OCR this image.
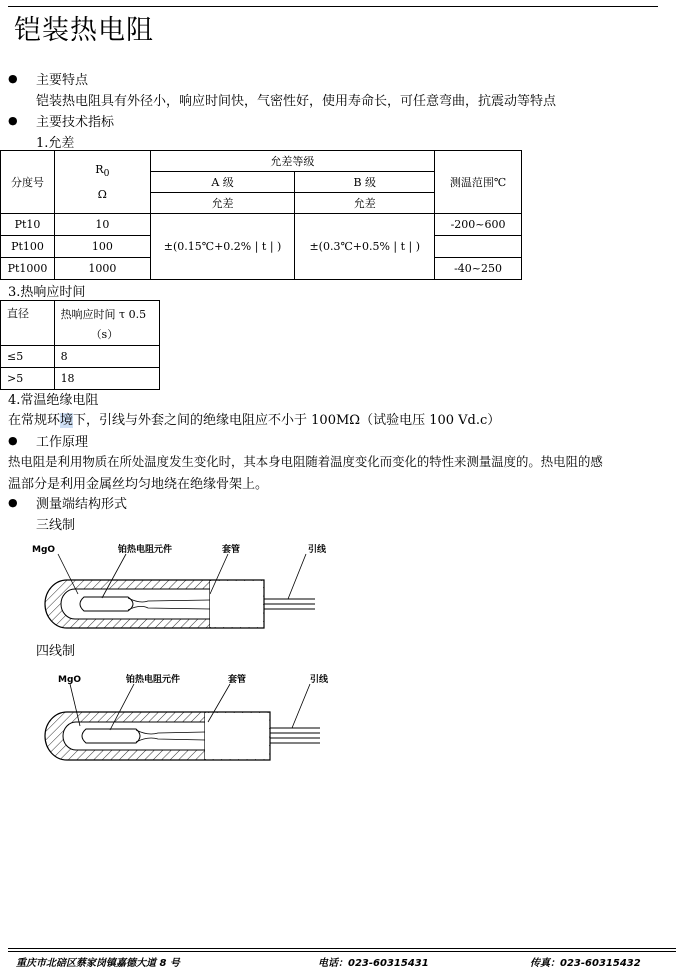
铠装热电阻
● 主要特点
铠装热电阻具有外径小，响应时间快，气密性好，使用寿命长，可任意弯曲，抗震动等特点
● 主要技术指标
1.允差
分度号	$R_0$
Ω	允差等级		测温范围℃
		A 级	B 级	
		允差	允差	
Pt10	10	±(0.15℃+0.2% | t | )	±(0.3℃+0.5% | t | )	-200~600
Pt100	100			
Pt1000	1000			-40~250
3.热响应时间
直径	热响应时间 τ 0.5
（s）
≤5	8
>5	18
4.常温绝缘电阻
在常规环境下，引线与外套之间的绝缘电阻应不小于 100MΩ（试验电压 100 Vd.c）
● 工作原理
热电阻是利用物质在所处温度发生变化时，其本身电阻随着温度变化而变化的特性来测量温度的。热电阻的感
温部分是利用金属丝均匀地绕在绝缘骨架上。
● 测量端结构形式
三线制
MgO	铂热电阻元件	套管	引线
四线制
MgO	铂热电阻元件	套管	引线
重庆市北碚区蔡家岗镇嘉德大道 8 号	电话：023-60315431	传真：023-60315432
